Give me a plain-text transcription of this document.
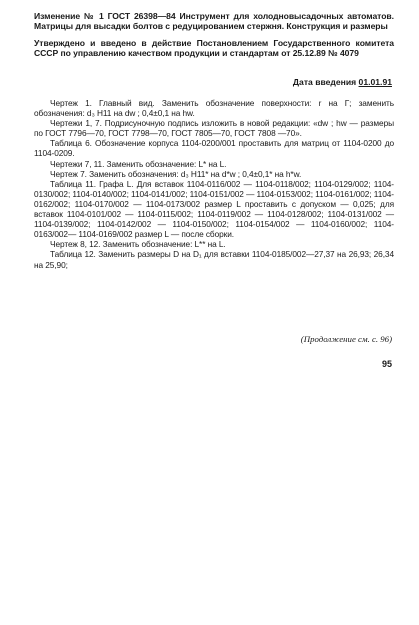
Изменение № 1 ГОСТ 26398—84 Инструмент для холодновысадочных автоматов. Матрицы для высадки болтов с редуцированием стержня. Конструкция и размеры

Утверждено и введено в действие Постановлением Государственного комитета СССР по управлению качеством продукции и стандартам от 25.12.89 № 4079

Дата введения 01.01.91

Чертеж 1. Главный вид. Заменить обозначение поверхности: r на Г; заменить обозначения: d₃ H11 на dw ; 0,4±0,1 на hw.

Чертежи 1, 7. Подрисуночную подпись изложить в новой редакции: «dw ; hw — размеры по ГОСТ 7796—70, ГОСТ 7798—70, ГОСТ 7805—70, ГОСТ 7808 —70».

Таблица 6. Обозначение корпуса 1104-0200/001 проставить для матриц от 1104-0200 до 1104-0209.

Чертежи 7, 11. Заменить обозначение: L* на L.

Чертеж 7. Заменить обозначения: d₃ H11* на d*w ; 0,4±0,1* на h*w.

Таблица 11. Графа L. Для вставок 1104-0116/002 — 1104-0118/002; 1104-0129/002; 1104-0130/002; 1104-0140/002; 1104-0141/002; 1104-0151/002 — 1104-0153/002; 1104-0161/002; 1104-0162/002; 1104-0170/002 — 1104-0173/002 размер L проставить с допуском — 0,025; для вставок 1104-0101/002 — 1104-0115/002; 1104-0119/002 — 1104-0128/002; 1104-0131/002 — 1104-0139/002; 1104-0142/002 — 1104-0150/002; 1104-0154/002 — 1104-0160/002; 1104-0163/002— 1104-0169/002 размер L — после сборки.

Чертеж 8, 12. Заменить обозначение: L** на L.

Таблица 12. Заменить размеры D на D₁ для вставки 1104-0185/002—27,37 на 26,93; 26,34 на 25,90;

(Продолжение см. с. 96)
95
